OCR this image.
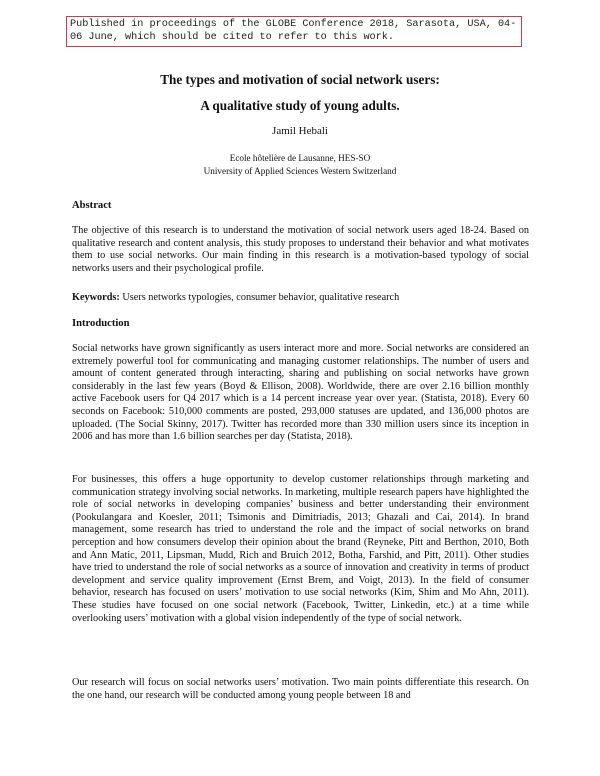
Published in proceedings of the GLOBE Conference 2018, Sarasota, USA, 04-06 June, which should be cited to refer to this work.
The types and motivation of social network users:
A qualitative study of young adults.
Jamil Hebali
Ecole hôtelière de Lausanne, HES-SO
University of Applied Sciences Western Switzerland
Abstract

The objective of this research is to understand the motivation of social network users aged 18-24. Based on qualitative research and content analysis, this study proposes to understand their behavior and what motivates them to use social networks. Our main finding in this research is a motivation-based typology of social networks users and their psychological profile.

Keywords: Users networks typologies, consumer behavior, qualitative research

Introduction

Social networks have grown significantly as users interact more and more. Social networks are considered an extremely powerful tool for communicating and managing customer relationships. The number of users and amount of content generated through interacting, sharing and publishing on social networks have grown considerably in the last few years (Boyd & Ellison, 2008). Worldwide, there are over 2.16 billion monthly active Facebook users for Q4 2017 which is a 14 percent increase year over year. (Statista, 2018). Every 60 seconds on Facebook: 510,000 comments are posted, 293,000 statuses are updated, and 136,000 photos are uploaded. (The Social Skinny, 2017). Twitter has recorded more than 330 million users since its inception in 2006 and has more than 1.6 billion searches per day (Statista, 2018).

For businesses, this offers a huge opportunity to develop customer relationships through marketing and communication strategy involving social networks. In marketing, multiple research papers have highlighted the role of social networks in developing companies’ business and better understanding their environment (Pookulangara and Koesler, 2011; Tsimonis and Dimitriadis, 2013; Ghazali and Cai, 2014). In brand management, some research has tried to understand the role and the impact of social networks on brand perception and how consumers develop their opinion about the brand (Reyneke, Pitt and Berthon, 2010, Both and Ann Matic, 2011, Lipsman, Mudd, Rich and Bruich 2012, Botha, Farshid, and Pitt, 2011). Other studies have tried to understand the role of social networks as a source of innovation and creativity in terms of product development and service quality improvement (Ernst Brem, and Voigt, 2013). In the field of consumer behavior, research has focused on users’ motivation to use social networks (Kim, Shim and Mo Ahn, 2011). These studies have focused on one social network (Facebook, Twitter, Linkedin, etc.) at a time while overlooking users’ motivation with a global vision independently of the type of social network.

Our research will focus on social networks users’ motivation. Two main points differentiate this research. On the one hand, our research will be conducted among young people between 18 and
